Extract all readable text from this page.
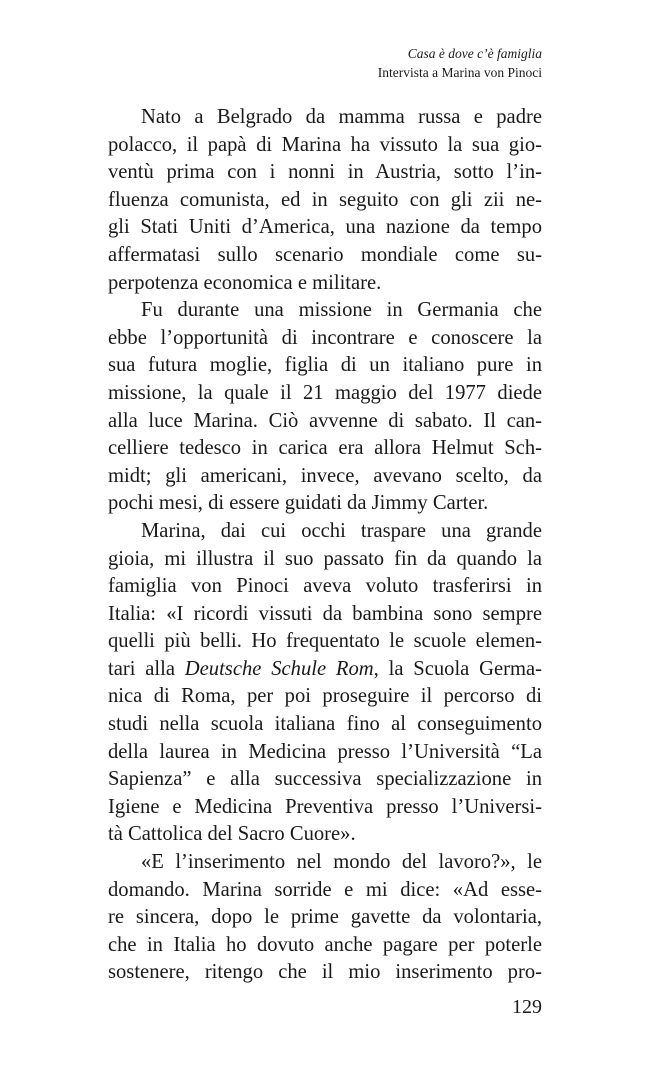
Casa è dove c’è famiglia
Intervista a Marina von Pinoci

Nato a Belgrado da mamma russa e padre
polacco, il papà di Marina ha vissuto la sua gio-
ventù prima con i nonni in Austria, sotto l’in-
fluenza comunista, ed in seguito con gli zii ne-
gli Stati Uniti d’America, una nazione da tempo
affermatasi sullo scenario mondiale come su-
perpotenza economica e militare.

Fu durante una missione in Germania che
ebbe l’opportunità di incontrare e conoscere la
sua futura moglie, figlia di un italiano pure in
missione, la quale il 21 maggio del 1977 diede
alla luce Marina. Ciò avvenne di sabato. Il can-
celliere tedesco in carica era allora Helmut Sch-
midt; gli americani, invece, avevano scelto, da
pochi mesi, di essere guidati da Jimmy Carter.

Marina, dai cui occhi traspare una grande
gioia, mi illustra il suo passato fin da quando la
famiglia von Pinoci aveva voluto trasferirsi in
Italia: «I ricordi vissuti da bambina sono sempre
quelli più belli. Ho frequentato le scuole elemen-
tari alla Deutsche Schule Rom, la Scuola Germa-
nica di Roma, per poi proseguire il percorso di
studi nella scuola italiana fino al conseguimento
della laurea in Medicina presso l’Università “La
Sapienza” e alla successiva specializzazione in
Igiene e Medicina Preventiva presso l’Universi-
tà Cattolica del Sacro Cuore».

«E l’inserimento nel mondo del lavoro?», le
domando. Marina sorride e mi dice: «Ad esse-
re sincera, dopo le prime gavette da volontaria,
che in Italia ho dovuto anche pagare per poterle
sostenere, ritengo che il mio inserimento pro-

129
